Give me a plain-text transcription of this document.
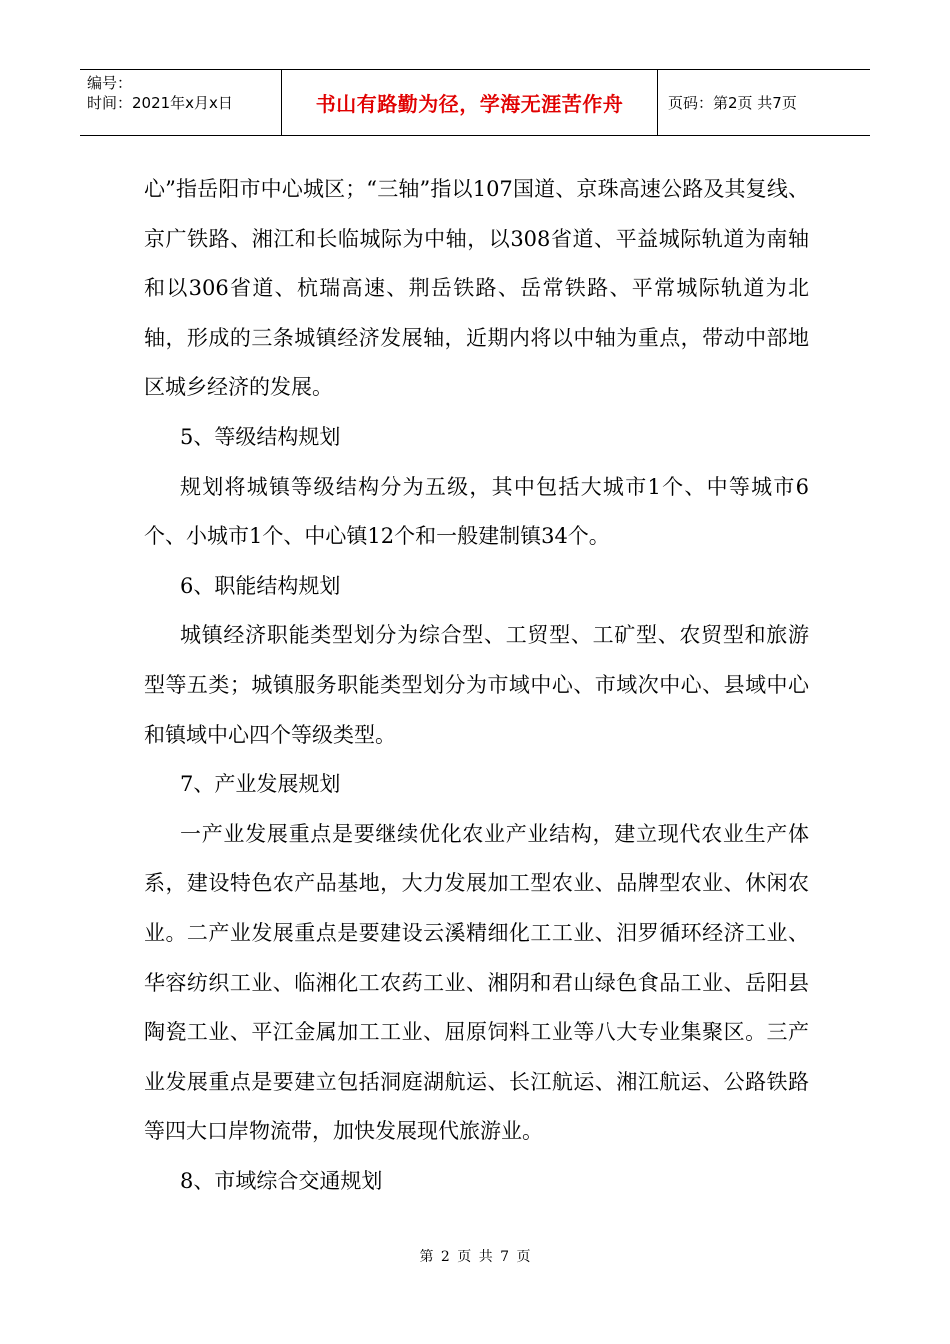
编号：
时间：2021年x月x日	书山有路勤为径，学海无涯苦作舟	页码：第2页 共7页

心”指岳阳市中心城区；“三轴”指以107国道、京珠高速公路及其复线、京广铁路、湘江和长临城际为中轴，以308省道、平益城际轨道为南轴和以306省道、杭瑞高速、荆岳铁路、岳常铁路、平常城际轨道为北轴，形成的三条城镇经济发展轴，近期内将以中轴为重点，带动中部地区城乡经济的发展。

5、等级结构规划

规划将城镇等级结构分为五级，其中包括大城市1个、中等城市6个、小城市1个、中心镇12个和一般建制镇34个。

6、职能结构规划

城镇经济职能类型划分为综合型、工贸型、工矿型、农贸型和旅游型等五类；城镇服务职能类型划分为市域中心、市域次中心、县域中心和镇域中心四个等级类型。

7、产业发展规划

一产业发展重点是要继续优化农业产业结构，建立现代农业生产体系，建设特色农产品基地，大力发展加工型农业、品牌型农业、休闲农业。二产业发展重点是要建设云溪精细化工工业、汨罗循环经济工业、华容纺织工业、临湘化工农药工业、湘阴和君山绿色食品工业、岳阳县陶瓷工业、平江金属加工工业、屈原饲料工业等八大专业集聚区。三产业发展重点是要建立包括洞庭湖航运、长江航运、湘江航运、公路铁路等四大口岸物流带，加快发展现代旅游业。

8、市域综合交通规划

第 2 页 共 7 页
